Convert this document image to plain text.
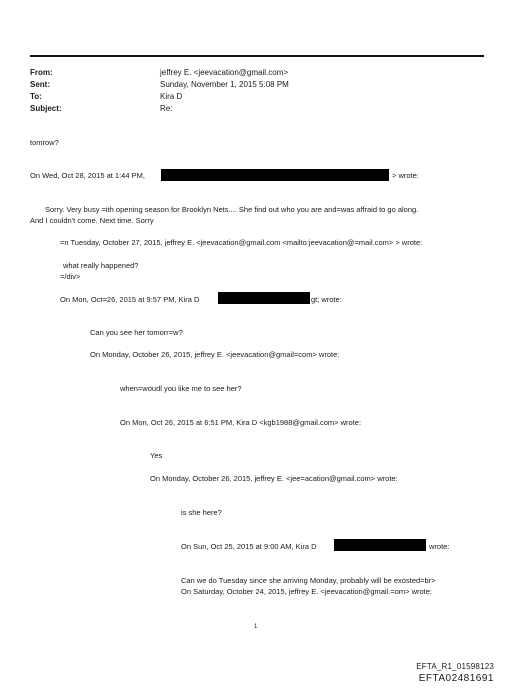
From:	jeffrey E. <jeevacation@gmail.com>
Sent:	Sunday, November 1, 2015 5:08 PM
To:	Kira D
Subject:	Re:
tomrow?
On Wed, Oct 28, 2015 at 1:44 PM,	> wrote:
Sorry. Very busy =ith opening season for Brooklyn Nets.... She find out who you are and=was affraid to go along.
And I couldn't come. Next time. Sorry
=n Tuesday, October 27, 2015, jeffrey E. <jeevacation@gmail.com <mailto:jeevacation@=mail.com> > wrote:
what really happened?
=/div>
On Mon, Oct=26, 2015 at 9:57 PM, Kira D	gt; wrote:
Can you see her tomorr=w?
On Monday, October 26, 2015, jeffrey E. <jeevacation@gmail=com> wrote:
when=woudl you like me to see her?
On Mon, Oct 26, 2015 at 6:51 PM, Kira D <kgb1988@gmail.com> wrote:
Yes
On Monday, October 26, 2015, jeffrey E. <jee=acation@gmail.com> wrote:
is she here?
On Sun, Oct 25, 2015 at 9:00 AM, Kira D	wrote:
Can we do Tuesday since she arriving Monday, probably will be exosted=br>
On Saturday, October 24, 2015, jeffrey E. <jeevacation@gmail.=om> wrote:
1
EFTA_R1_01598123
EFTA02481691
